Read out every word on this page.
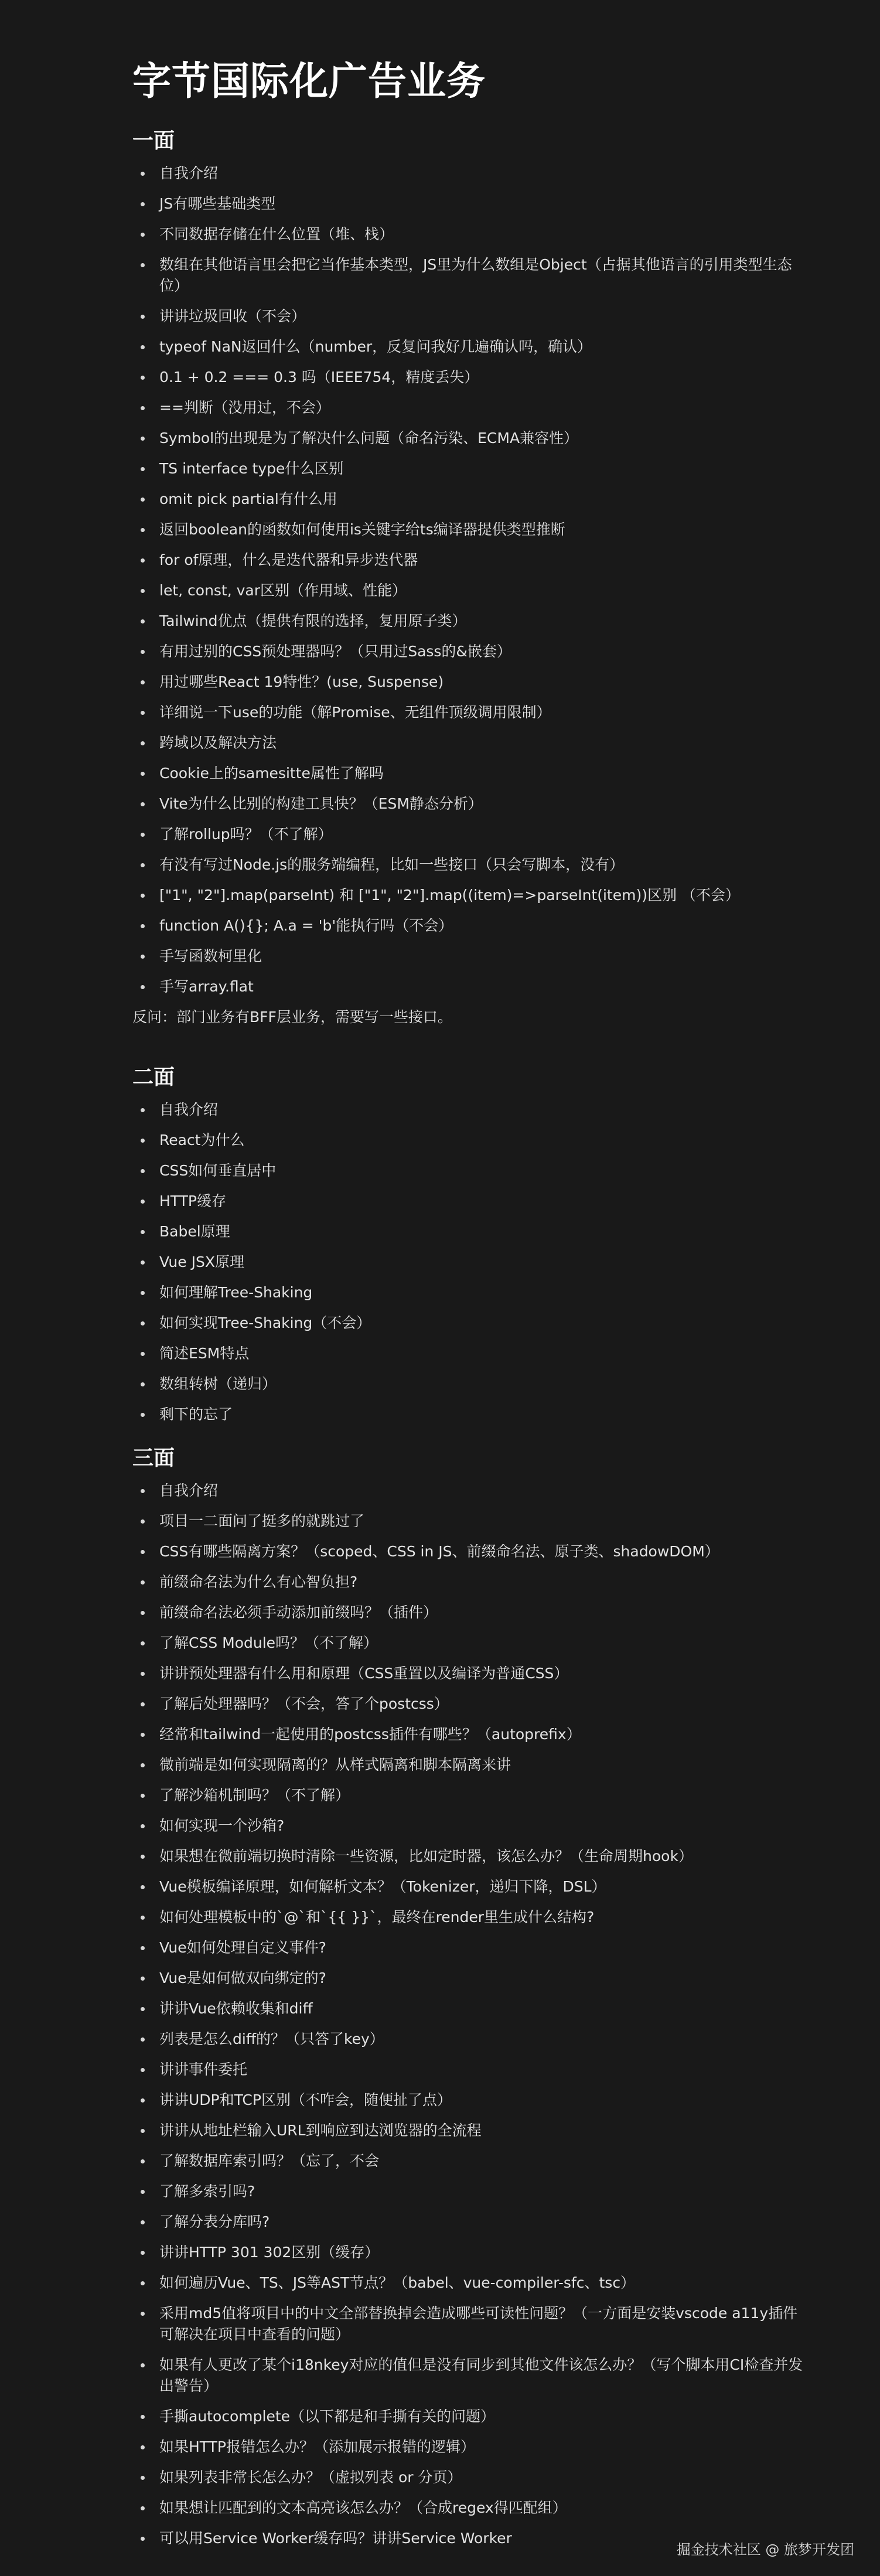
字节国际化广告业务
一面
自我介绍
JS有哪些基础类型
不同数据存储在什么位置（堆、栈）
数组在其他语言里会把它当作基本类型，JS里为什么数组是Object（占据其他语言的引用类型生态位）
讲讲垃圾回收（不会）
typeof NaN返回什么（number，反复问我好几遍确认吗，确认）
0.1 + 0.2 === 0.3 吗（IEEE754，精度丢失）
==判断（没用过，不会）
Symbol的出现是为了解决什么问题（命名污染、ECMA兼容性）
TS interface type什么区别
omit pick partial有什么用
返回boolean的函数如何使用is关键字给ts编译器提供类型推断
for of原理，什么是迭代器和异步迭代器
let, const, var区别（作用域、性能）
Tailwind优点（提供有限的选择，复用原子类）
有用过别的CSS预处理器吗？（只用过Sass的&嵌套）
用过哪些React 19特性？(use, Suspense)
详细说一下use的功能（解Promise、无组件顶级调用限制）
跨域以及解决方法
Cookie上的samesitte属性了解吗
Vite为什么比别的构建工具快？（ESM静态分析）
了解rollup吗？（不了解）
有没有写过Node.js的服务端编程，比如一些接口（只会写脚本，没有）
["1", "2"].map(parseInt) 和 ["1", "2"].map((item)=>parseInt(item))区别 （不会）
function A(){}; A.a = 'b'能执行吗（不会）
手写函数柯里化
手写array.flat

反问：部门业务有BFF层业务，需要写一些接口。

二面
自我介绍
React为什么
CSS如何垂直居中
HTTP缓存
Babel原理
Vue JSX原理
如何理解Tree-Shaking
如何实现Tree-Shaking（不会）
简述ESM特点
数组转树（递归）
剩下的忘了
三面
自我介绍
项目一二面问了挺多的就跳过了
CSS有哪些隔离方案？（scoped、CSS in JS、前缀命名法、原子类、shadowDOM）
前缀命名法为什么有心智负担?
前缀命名法必须手动添加前缀吗？（插件）
了解CSS Module吗？（不了解）
讲讲预处理器有什么用和原理（CSS重置以及编译为普通CSS）
了解后处理器吗？（不会，答了个postcss）
经常和tailwind一起使用的postcss插件有哪些？（autoprefix）
微前端是如何实现隔离的？从样式隔离和脚本隔离来讲
了解沙箱机制吗？（不了解）
如何实现一个沙箱?
如果想在微前端切换时清除一些资源，比如定时器，该怎么办？（生命周期hook）
Vue模板编译原理，如何解析文本？（Tokenizer，递归下降，DSL）
如何处理模板中的`@`和`{{ }}`，最终在render里生成什么结构?
Vue如何处理自定义事件?
Vue是如何做双向绑定的?
讲讲Vue依赖收集和diff
列表是怎么diff的？（只答了key）
讲讲事件委托
讲讲UDP和TCP区别（不咋会，随便扯了点）
讲讲从地址栏输入URL到响应到达浏览器的全流程
了解数据库索引吗？（忘了，不会
了解多索引吗?
了解分表分库吗?
讲讲HTTP 301 302区别（缓存）
如何遍历Vue、TS、JS等AST节点？（babel、vue-compiler-sfc、tsc）
采用md5值将项目中的中文全部替换掉会造成哪些可读性问题？（一方面是安装vscode a11y插件可解决在项目中查看的问题）
如果有人更改了某个i18nkey对应的值但是没有同步到其他文件该怎么办？（写个脚本用CI检查并发出警告）
手撕autocomplete（以下都是和手撕有关的问题）
如果HTTP报错怎么办？（添加展示报错的逻辑）
如果列表非常长怎么办？（虚拟列表 or 分页）
如果想让匹配到的文本高亮该怎么办？（合成regex得匹配组）
可以用Service Worker缓存吗？讲讲Service Worker
掘金技术社区 @ 旅梦开发团
